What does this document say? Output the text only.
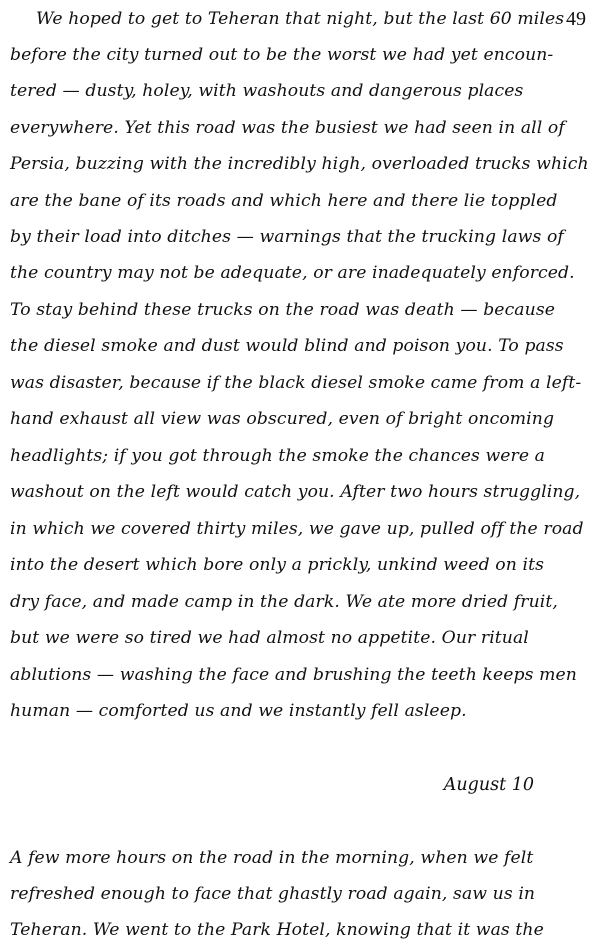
49
We hoped to get to Teheran that night, but the last 60 miles
before the city turned out to be the worst we had yet encoun-
tered — dusty, holey, with washouts and dangerous places
everywhere. Yet this road was the busiest we had seen in all of
Persia, buzzing with the incredibly high, overloaded trucks which
are the bane of its roads and which here and there lie toppled
by their load into ditches — warnings that the trucking laws of
the country may not be adequate, or are inadequately enforced.
To stay behind these trucks on the road was death — because
the diesel smoke and dust would blind and poison you. To pass
was disaster, because if the black diesel smoke came from a left-
hand exhaust all view was obscured, even of bright oncoming
headlights; if you got through the smoke the chances were a
washout on the left would catch you. After two hours struggling,
in which we covered thirty miles, we gave up, pulled off the road
into the desert which bore only a prickly, unkind weed on its
dry face, and made camp in the dark. We ate more dried fruit,
but we were so tired we had almost no appetite. Our ritual
ablutions — washing the face and brushing the teeth keeps men
human — comforted us and we instantly fell asleep.
August 10
A few more hours on the road in the morning, when we felt
refreshed enough to face that ghastly road again, saw us in
Teheran. We went to the Park Hotel, knowing that it was the
